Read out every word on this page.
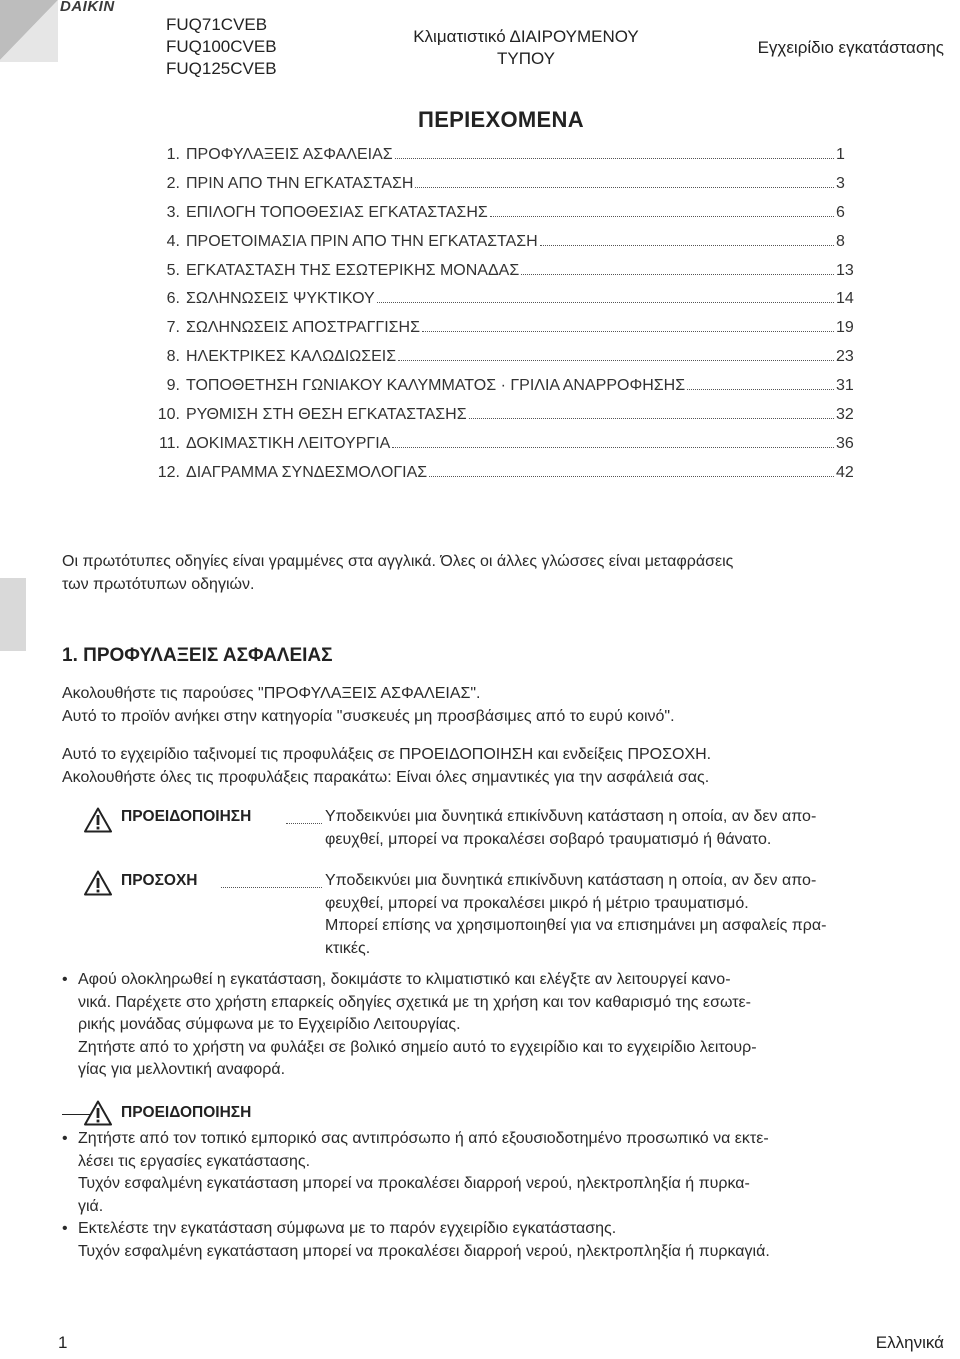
DAIKIN
FUQ71CVEB
FUQ100CVEB
FUQ125CVEB
Κλιματιστικό ΔΙΑΙΡΟΥΜΕΝΟΥ
ΤΥΠΟΥ
Εγχειρίδιο εγκατάστασης
ΠΕΡΙΕΧΟΜΕΝΑ
1. ΠΡΟΦΥΛΑΞΕΙΣ ΑΣΦΑΛΕΙΑΣ	1
2. ΠΡΙΝ ΑΠΟ ΤΗΝ ΕΓΚΑΤΑΣΤΑΣΗ	3
3. ΕΠΙΛΟΓΗ ΤΟΠΟΘΕΣΙΑΣ ΕΓΚΑΤΑΣΤΑΣΗΣ	6
4. ΠΡΟΕΤΟΙΜΑΣΙΑ ΠΡΙΝ ΑΠΟ ΤΗΝ ΕΓΚΑΤΑΣΤΑΣΗ	8
5. ΕΓΚΑΤΑΣΤΑΣΗ ΤΗΣ ΕΣΩΤΕΡΙΚΗΣ ΜΟΝΑΔΑΣ	13
6. ΣΩΛΗΝΩΣΕΙΣ ΨΥΚΤΙΚΟΥ	14
7. ΣΩΛΗΝΩΣΕΙΣ ΑΠΟΣΤΡΑΓΓΙΣΗΣ	19
8. ΗΛΕΚΤΡΙΚΕΣ ΚΑΛΩΔΙΩΣΕΙΣ	23
9. ΤΟΠΟΘΕΤΗΣΗ ΓΩΝΙΑΚΟΥ ΚΑΛΥΜΜΑΤΟΣ · ΓΡΙΛΙΑ ΑΝΑΡΡΟΦΗΣΗΣ	31
10. ΡΥΘΜΙΣΗ ΣΤΗ ΘΕΣΗ ΕΓΚΑΤΑΣΤΑΣΗΣ	32
11. ΔΟΚΙΜΑΣΤΙΚΗ ΛΕΙΤΟΥΡΓΙΑ	36
12. ΔΙΑΓΡΑΜΜΑ ΣΥΝΔΕΣΜΟΛΟΓΙΑΣ	42
Οι πρωτότυπες οδηγίες είναι γραμμένες στα αγγλικά. Όλες οι άλλες γλώσσες είναι μεταφράσεις
των πρωτότυπων οδηγιών.
1. ΠΡΟΦΥΛΑΞΕΙΣ ΑΣΦΑΛΕΙΑΣ
Ακολουθήστε τις παρούσες "ΠΡΟΦΥΛΑΞΕΙΣ ΑΣΦΑΛΕΙΑΣ".
Αυτό το προϊόν ανήκει στην κατηγορία "συσκευές μη προσβάσιμες από το ευρύ κοινό".
Αυτό το εγχειρίδιο ταξινομεί τις προφυλάξεις σε ΠΡΟΕΙΔΟΠΟΙΗΣΗ και ενδείξεις ΠΡΟΣΟΧΗ.
Ακολουθήστε όλες τις προφυλάξεις παρακάτω: Είναι όλες σημαντικές για την ασφάλειά σας.
ΠΡΟΕΙΔΟΠΟΙΗΣΗ	Υποδεικνύει μια δυνητικά επικίνδυνη κατάσταση η οποία, αν δεν απο-
φευχθεί, μπορεί να προκαλέσει σοβαρό τραυματισμό ή θάνατο.
ΠΡΟΣΟΧΗ	Υποδεικνύει μια δυνητικά επικίνδυνη κατάσταση η οποία, αν δεν απο-
φευχθεί, μπορεί να προκαλέσει μικρό ή μέτριο τραυματισμό.
Μπορεί επίσης να χρησιμοποιηθεί για να επισημάνει μη ασφαλείς πρα-
κτικές.
• Αφού ολοκληρωθεί η εγκατάσταση, δοκιμάστε το κλιματιστικό και ελέγξτε αν λειτουργεί κανο-
νικά. Παρέχετε στο χρήστη επαρκείς οδηγίες σχετικά με τη χρήση και τον καθαρισμό της εσωτε-
ρικής μονάδας σύμφωνα με το Εγχειρίδιο Λειτουργίας.
Ζητήστε από το χρήστη να φυλάξει σε βολικό σημείο αυτό το εγχειρίδιο και το εγχειρίδιο λειτουρ-
γίας για μελλοντική αναφορά.
ΠΡΟΕΙΔΟΠΟΙΗΣΗ
• Ζητήστε από τον τοπικό εμπορικό σας αντιπρόσωπο ή από εξουσιοδοτημένο προσωπικό να εκτε-
λέσει τις εργασίες εγκατάστασης.
Τυχόν εσφαλμένη εγκατάσταση μπορεί να προκαλέσει διαρροή νερού, ηλεκτροπληξία ή πυρκα-
γιά.
• Εκτελέστε την εγκατάσταση σύμφωνα με το παρόν εγχειρίδιο εγκατάστασης.
Τυχόν εσφαλμένη εγκατάσταση μπορεί να προκαλέσει διαρροή νερού, ηλεκτροπληξία ή πυρκαγιά.
1	Ελληνικά
